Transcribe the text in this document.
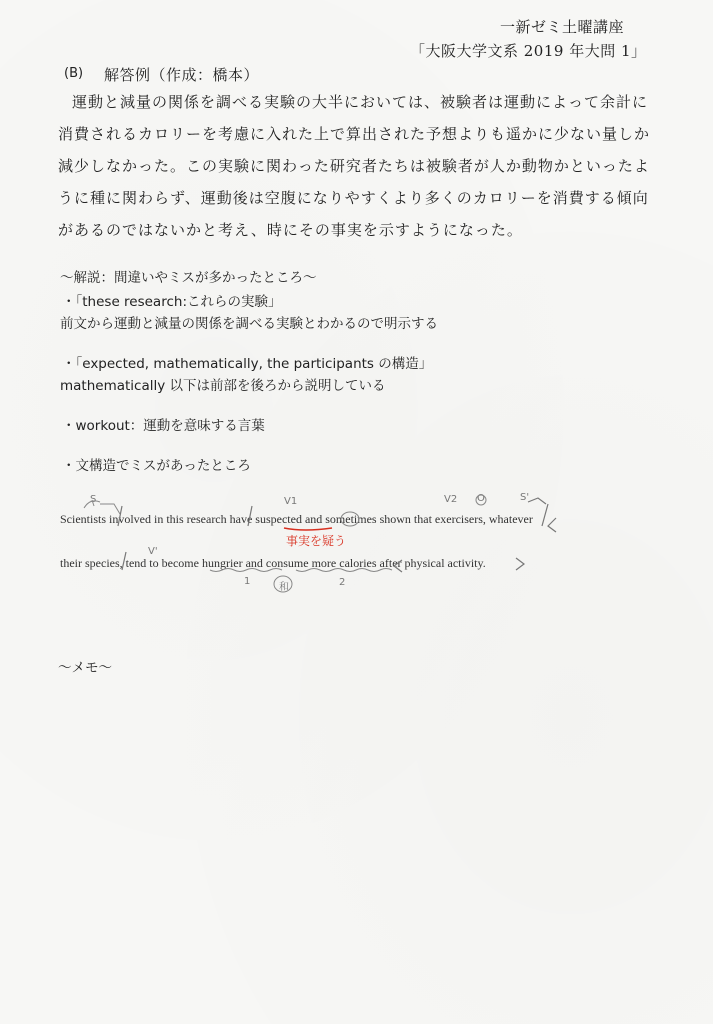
一新ゼミ土曜講座
「大阪大学文系 2019 年大問 1」
(B) 解答例（作成：橋本）
運動と減量の関係を調べる実験の大半においては、被験者は運動によって余計に
消費されるカロリーを考慮に入れた上で算出された予想よりも遥かに少ない量しか
減少しなかった。この実験に関わった研究者たちは被験者が人か動物かといったよ
うに種に関わらず、運動後は空腹になりやすくより多くのカロリーを消費する傾向
があるのではないかと考え、時にその事実を示すようになった。
～解説：間違いやミスが多かったところ～
・「these research:これらの実験」
前文から運動と減量の関係を調べる実験とわかるので明示する
・「expected, mathematically, the participants の構造」
mathematically 以下は前部を後ろから説明している
・workout：運動を意味する言葉
・文構造でミスがあったところ
Scientists involved in this research have suspected and sometimes shown that exercisers, whatever
their species, tend to become hungrier and consume more calories after physical activity.
S	V1	V2 O	S'
V'
1
和	2
事実を疑う
～メモ～
